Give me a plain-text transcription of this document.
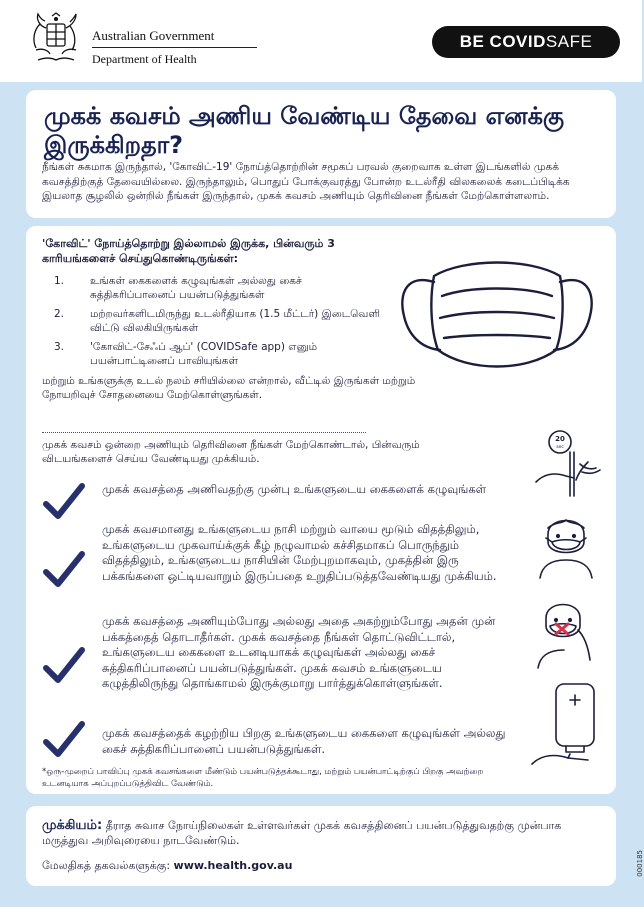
Australian Government
Department of Health
BE COVIDSAFE
முகக் கவசம் அணிய வேண்டிய தேவை எனக்கு இருக்கிறதா?
நீங்கள் சுகமாக இருந்தால், 'கோவிட்-19' நோய்த்தொற்றின் சமூகப் பரவல் குறைவாக உள்ள இடங்களில் முகக் கவசத்திற்குத் தேவையில்லை. இருந்தாலும், பொதுப் போக்குவரத்து போன்ற உடல்ரீதி விலகலைக் கடைப்பிடிக்க இயலாத சூழலில் ஒன்றில் நீங்கள் இருந்தால், முகக் கவசம் அணியும் தெரிவினை நீங்கள் மேற்கொள்ளலாம்.
'கோவிட்' நோய்த்தொற்று இல்லாமல் இருக்க, பின்வரும் 3 காரியங்களைச் செய்துகொண்டிருங்கள்:
1.	உங்கள் கைகளைக் கழுவுங்கள் அல்லது கைச் சுத்திகரிப்பானைப் பயன்படுத்துங்கள்
2.	மற்றவர்களிடமிருந்து உடல்ரீதியாக (1.5 மீட்டர்) இடைவெளி விட்டு விலகியிருங்கள்
3.	'கோவிட்-சேஃப் ஆப்' (COVIDSafe app) எனும் பயன்பாட்டினைப் பாவியுங்கள்
மற்றும் உங்களுக்கு உடல் நலம் சரியில்லை என்றால், வீட்டில் இருங்கள் மற்றும் நோயறிவுச் சோதனையை மேற்கொள்ளுங்கள்.
முகக் கவசம் ஒன்றை அணியும் தெரிவினை நீங்கள் மேற்கொண்டால், பின்வரும் விடயங்களைச் செய்ய வேண்டியது முக்கியம்.
முகக் கவசத்தை அணிவதற்கு முன்பு உங்களுடைய கைகளைக் கழுவுங்கள்
முகக் கவசமானது உங்களுடைய நாசி மற்றும் வாயை மூடும் விதத்திலும், உங்களுடைய முகவாய்க்குக் கீழ் நழுவாமல் கச்சிதமாகப் பொருந்தும் விதத்திலும், உங்களுடைய நாசியின் மேற்புறமாகவும், முகத்தின் இரு பக்கங்களை ஒட்டியவாறும் இருப்பதை உறுதிப்படுத்தவேண்டியது முக்கியம்.
முகக் கவசத்தை அணியும்போது அல்லது அதை அகற்றும்போது அதன் முன் பக்கத்தைத் தொடாதீர்கள். முகக் கவசத்தை நீங்கள் தொட்டுவிட்டால், உங்களுடைய கைகளை உடனடியாகக் கழுவுங்கள் அல்லது கைச் சுத்திகரிப்பானைப் பயன்படுத்துங்கள். முகக் கவசம் உங்களுடைய கழுத்திலிருந்து தொங்காமல் இருக்குமாறு பார்த்துக்கொள்ளுங்கள்.
முகக் கவசத்தைக் கழற்றிய பிறகு உங்களுடைய கைகளை கழுவுங்கள் அல்லது கைச் சுத்திகரிப்பானைப் பயன்படுத்துங்கள்.
*ஒரு-முறைப் பாவிப்பு முகக் கவசங்களை மீண்டும் பயன்படுத்தக்கூடாது, மற்றும் பயன்பாட்டிற்குப் பிறகு அவற்றை உடனடியாக அப்புறப்படுத்திவிட வேண்டும்.
20
sec
முக்கியம்: தீராத சுவாச நோய்நிலைகள் உள்ளவர்கள் முகக் கவசத்தினைப் பயன்படுத்துவதற்கு முன்பாக மருத்துவ அறிவுரையை நாடவேண்டும்.
மேலதிகத் தகவல்களுக்கு: www.health.gov.au	000185
